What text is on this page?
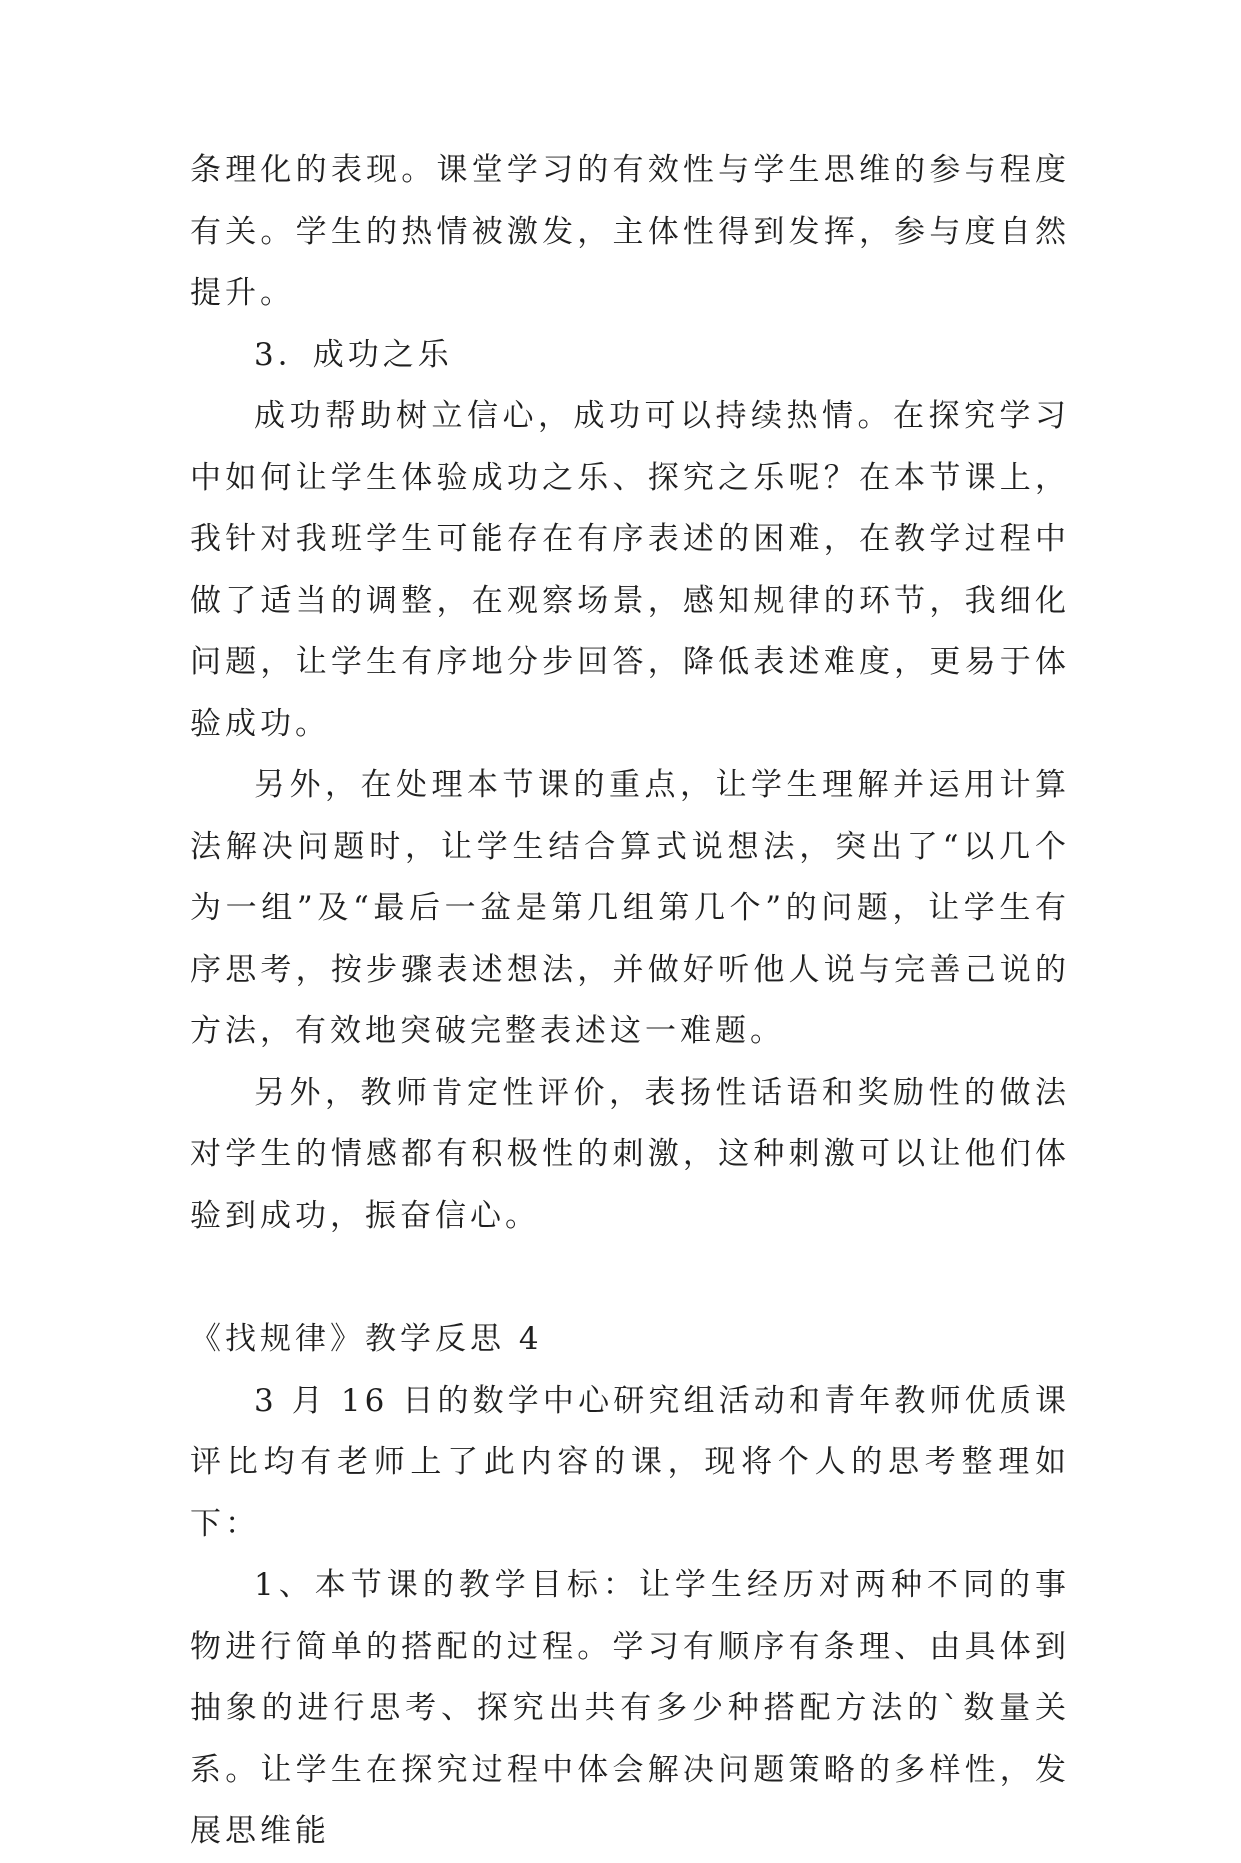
条理化的表现。课堂学习的有效性与学生思维的参与程度有关。学生的热情被激发，主体性得到发挥，参与度自然提升。

3．成功之乐

成功帮助树立信心，成功可以持续热情。在探究学习中如何让学生体验成功之乐、探究之乐呢？在本节课上，我针对我班学生可能存在有序表述的困难，在教学过程中做了适当的调整，在观察场景，感知规律的环节，我细化问题，让学生有序地分步回答，降低表述难度，更易于体验成功。

另外，在处理本节课的重点，让学生理解并运用计算法解决问题时，让学生结合算式说想法，突出了“以几个为一组”及“最后一盆是第几组第几个”的问题，让学生有序思考，按步骤表述想法，并做好听他人说与完善己说的方法，有效地突破完整表述这一难题。

另外，教师肯定性评价，表扬性话语和奖励性的做法对学生的情感都有积极性的刺激，这种刺激可以让他们体验到成功，振奋信心。

《找规律》教学反思 4

3 月 16 日的数学中心研究组活动和青年教师优质课评比均有老师上了此内容的课，现将个人的思考整理如下：

1、本节课的教学目标：让学生经历对两种不同的事物进行简单的搭配的过程。学习有顺序有条理、由具体到抽象的进行思考、探究出共有多少种搭配方法的`数量关系。让学生在探究过程中体会解决问题策略的多样性，发展思维能
